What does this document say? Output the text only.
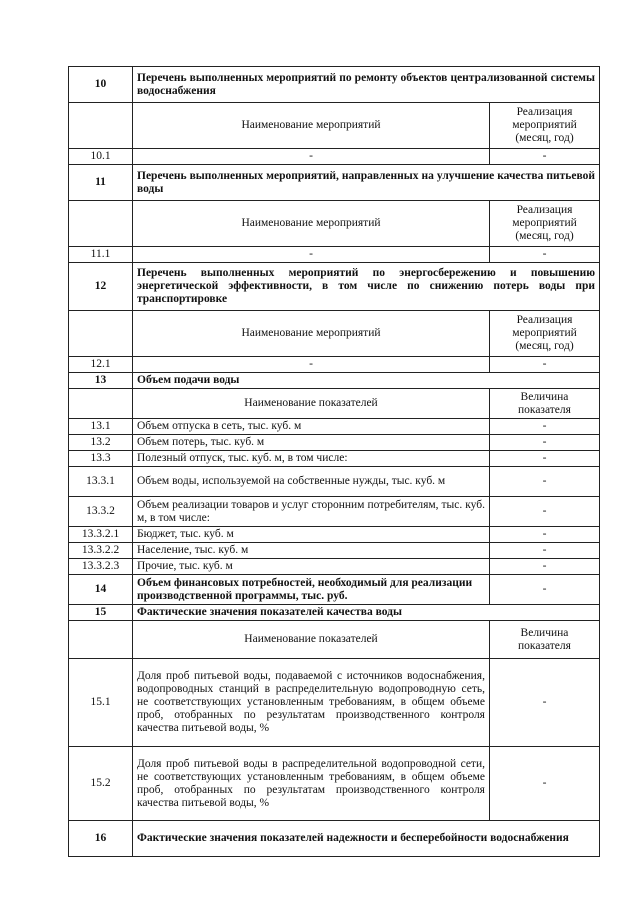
10	Перечень выполненных мероприятий по ремонту объектов централизованной системы водоснабжения	
	Наименование мероприятий	Реализация мероприятий (месяц, год)
10.1	-	-
11	Перечень выполненных мероприятий, направленных на улучшение качества питьевой воды	
	Наименование мероприятий	Реализация мероприятий (месяц, год)
11.1	-	-
12	Перечень выполненных мероприятий по энергосбережению и повышению энергетической эффективности, в том числе по снижению потерь воды при транспортировке	
	Наименование мероприятий	Реализация мероприятий (месяц, год)
12.1	-	-
13	Объем подачи воды	
	Наименование показателей	Величина показателя
13.1	Объем отпуска в сеть, тыс. куб. м	-
13.2	Объем потерь, тыс. куб. м	-
13.3	Полезный отпуск, тыс. куб. м, в том числе:	-
13.3.1	Объем воды, используемой на собственные нужды, тыс. куб. м	-
13.3.2	Объем реализации товаров и услуг сторонним потребителям, тыс. куб. м, в том числе:	-
13.3.2.1	Бюджет, тыс. куб. м	-
13.3.2.2	Население, тыс. куб. м	-
13.3.2.3	Прочие, тыс. куб. м	-
14	Объем финансовых потребностей, необходимый для реализации производственной программы, тыс. руб.	-
15	Фактические значения показателей качества воды	
	Наименование показателей	Величина показателя
15.1	Доля проб питьевой воды, подаваемой с источников водоснабжения, водопроводных станций в распределительную водопроводную сеть, не соответствующих установленным требованиям, в общем объеме проб, отобранных по результатам производственного контроля качества питьевой воды, %	-
15.2	Доля проб питьевой воды в распределительной водопроводной сети, не соответствующих установленным требованиям, в общем объеме проб, отобранных по результатам производственного контроля качества питьевой воды, %	-
16	Фактические значения показателей надежности и бесперебойности водоснабжения	
